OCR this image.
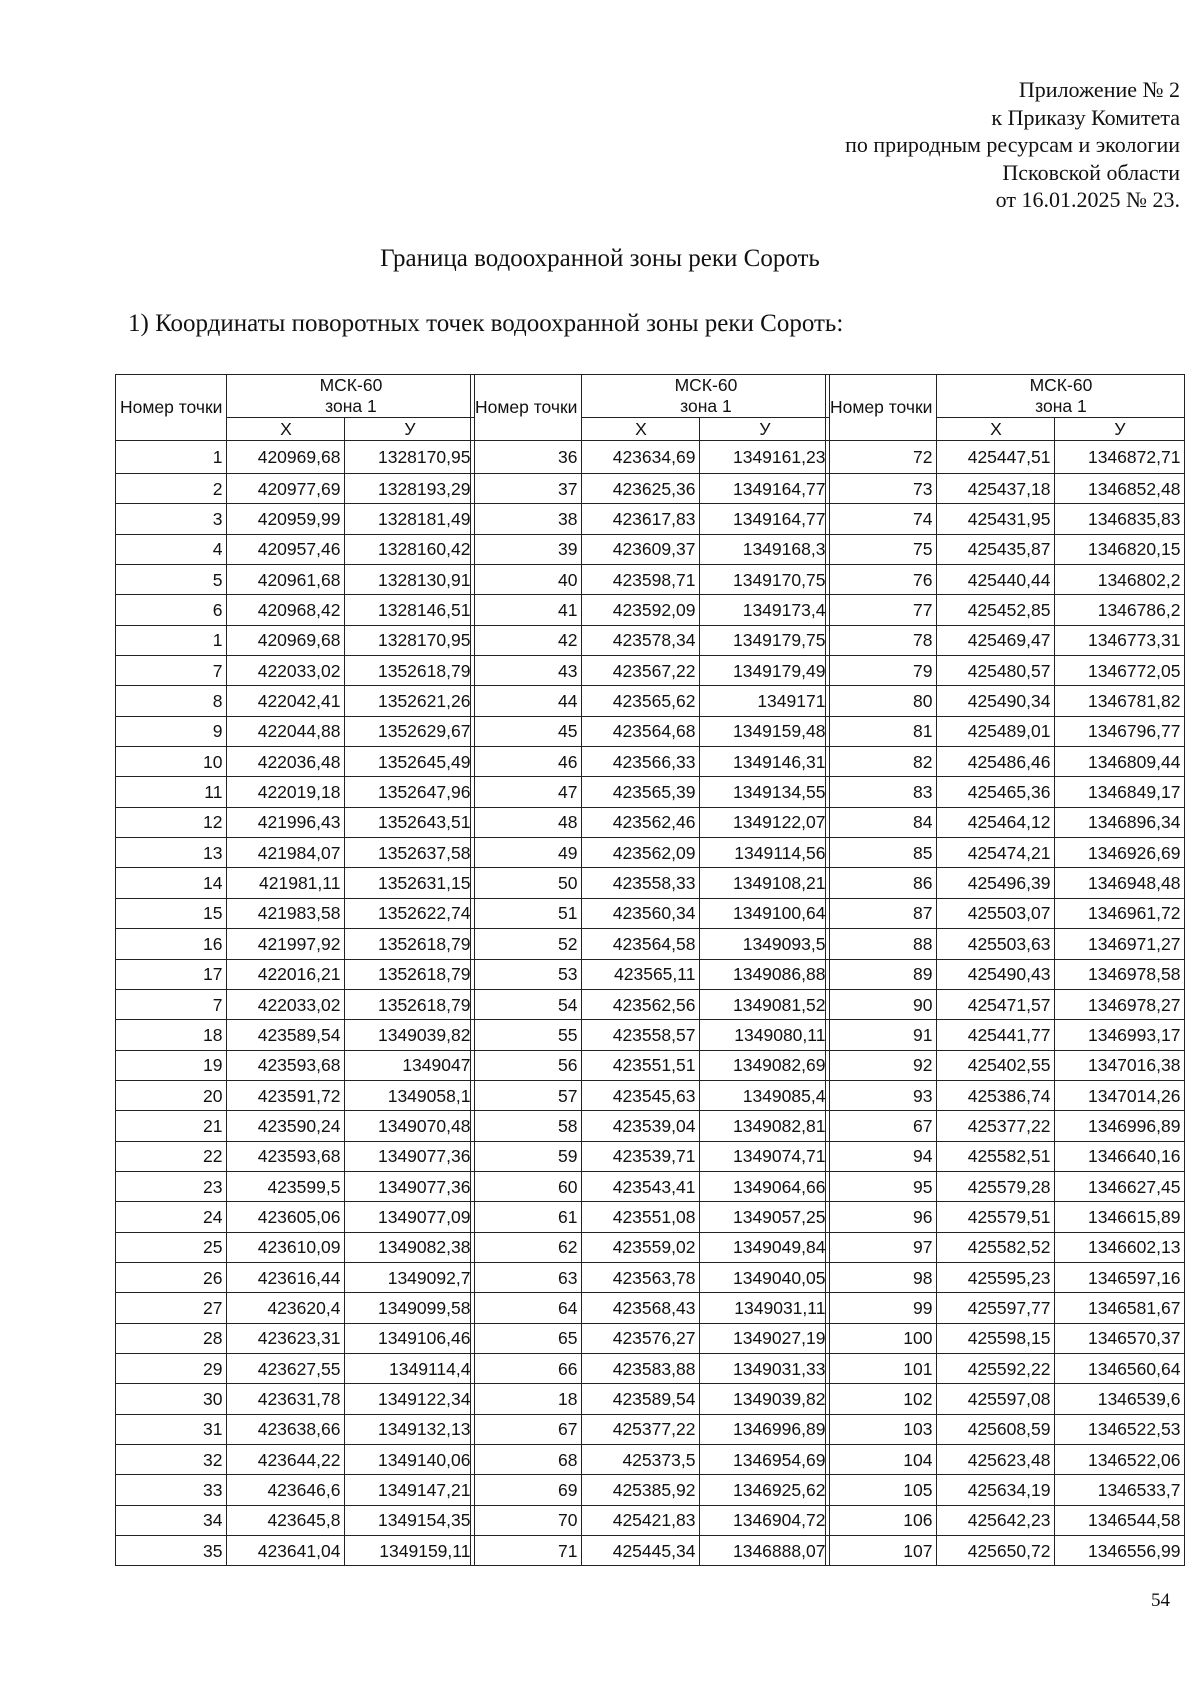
Приложение № 2
к Приказу Комитета
по природным ресурсам и экологии
Псковской области
от 16.01.2025 № 23.
Граница водоохранной зоны реки Сороть
1) Координаты поворотных точек водоохранной зоны реки Сороть:
Номер точки	МСК-60
зона 1	
	Х	У
1	420969,68	1328170,95
2	420977,69	1328193,29
3	420959,99	1328181,49
4	420957,46	1328160,42
5	420961,68	1328130,91
6	420968,42	1328146,51
1	420969,68	1328170,95
7	422033,02	1352618,79
8	422042,41	1352621,26
9	422044,88	1352629,67
10	422036,48	1352645,49
11	422019,18	1352647,96
12	421996,43	1352643,51
13	421984,07	1352637,58
14	421981,11	1352631,15
15	421983,58	1352622,74
16	421997,92	1352618,79
17	422016,21	1352618,79
7	422033,02	1352618,79
18	423589,54	1349039,82
19	423593,68	1349047
20	423591,72	1349058,1
21	423590,24	1349070,48
22	423593,68	1349077,36
23	423599,5	1349077,36
24	423605,06	1349077,09
25	423610,09	1349082,38
26	423616,44	1349092,7
27	423620,4	1349099,58
28	423623,31	1349106,46
29	423627,55	1349114,4
30	423631,78	1349122,34
31	423638,66	1349132,13
32	423644,22	1349140,06
33	423646,6	1349147,21
34	423645,8	1349154,35
35	423641,04	1349159,11
Номер точки	МСК-60
зона 1	
	Х	У
36	423634,69	1349161,23
37	423625,36	1349164,77
38	423617,83	1349164,77
39	423609,37	1349168,3
40	423598,71	1349170,75
41	423592,09	1349173,4
42	423578,34	1349179,75
43	423567,22	1349179,49
44	423565,62	1349171
45	423564,68	1349159,48
46	423566,33	1349146,31
47	423565,39	1349134,55
48	423562,46	1349122,07
49	423562,09	1349114,56
50	423558,33	1349108,21
51	423560,34	1349100,64
52	423564,58	1349093,5
53	423565,11	1349086,88
54	423562,56	1349081,52
55	423558,57	1349080,11
56	423551,51	1349082,69
57	423545,63	1349085,4
58	423539,04	1349082,81
59	423539,71	1349074,71
60	423543,41	1349064,66
61	423551,08	1349057,25
62	423559,02	1349049,84
63	423563,78	1349040,05
64	423568,43	1349031,11
65	423576,27	1349027,19
66	423583,88	1349031,33
18	423589,54	1349039,82
67	425377,22	1346996,89
68	425373,5	1346954,69
69	425385,92	1346925,62
70	425421,83	1346904,72
71	425445,34	1346888,07
Номер точки	МСК-60
зона 1	
	Х	У
72	425447,51	1346872,71
73	425437,18	1346852,48
74	425431,95	1346835,83
75	425435,87	1346820,15
76	425440,44	1346802,2
77	425452,85	1346786,2
78	425469,47	1346773,31
79	425480,57	1346772,05
80	425490,34	1346781,82
81	425489,01	1346796,77
82	425486,46	1346809,44
83	425465,36	1346849,17
84	425464,12	1346896,34
85	425474,21	1346926,69
86	425496,39	1346948,48
87	425503,07	1346961,72
88	425503,63	1346971,27
89	425490,43	1346978,58
90	425471,57	1346978,27
91	425441,77	1346993,17
92	425402,55	1347016,38
93	425386,74	1347014,26
67	425377,22	1346996,89
94	425582,51	1346640,16
95	425579,28	1346627,45
96	425579,51	1346615,89
97	425582,52	1346602,13
98	425595,23	1346597,16
99	425597,77	1346581,67
100	425598,15	1346570,37
101	425592,22	1346560,64
102	425597,08	1346539,6
103	425608,59	1346522,53
104	425623,48	1346522,06
105	425634,19	1346533,7
106	425642,23	1346544,58
107	425650,72	1346556,99
54
